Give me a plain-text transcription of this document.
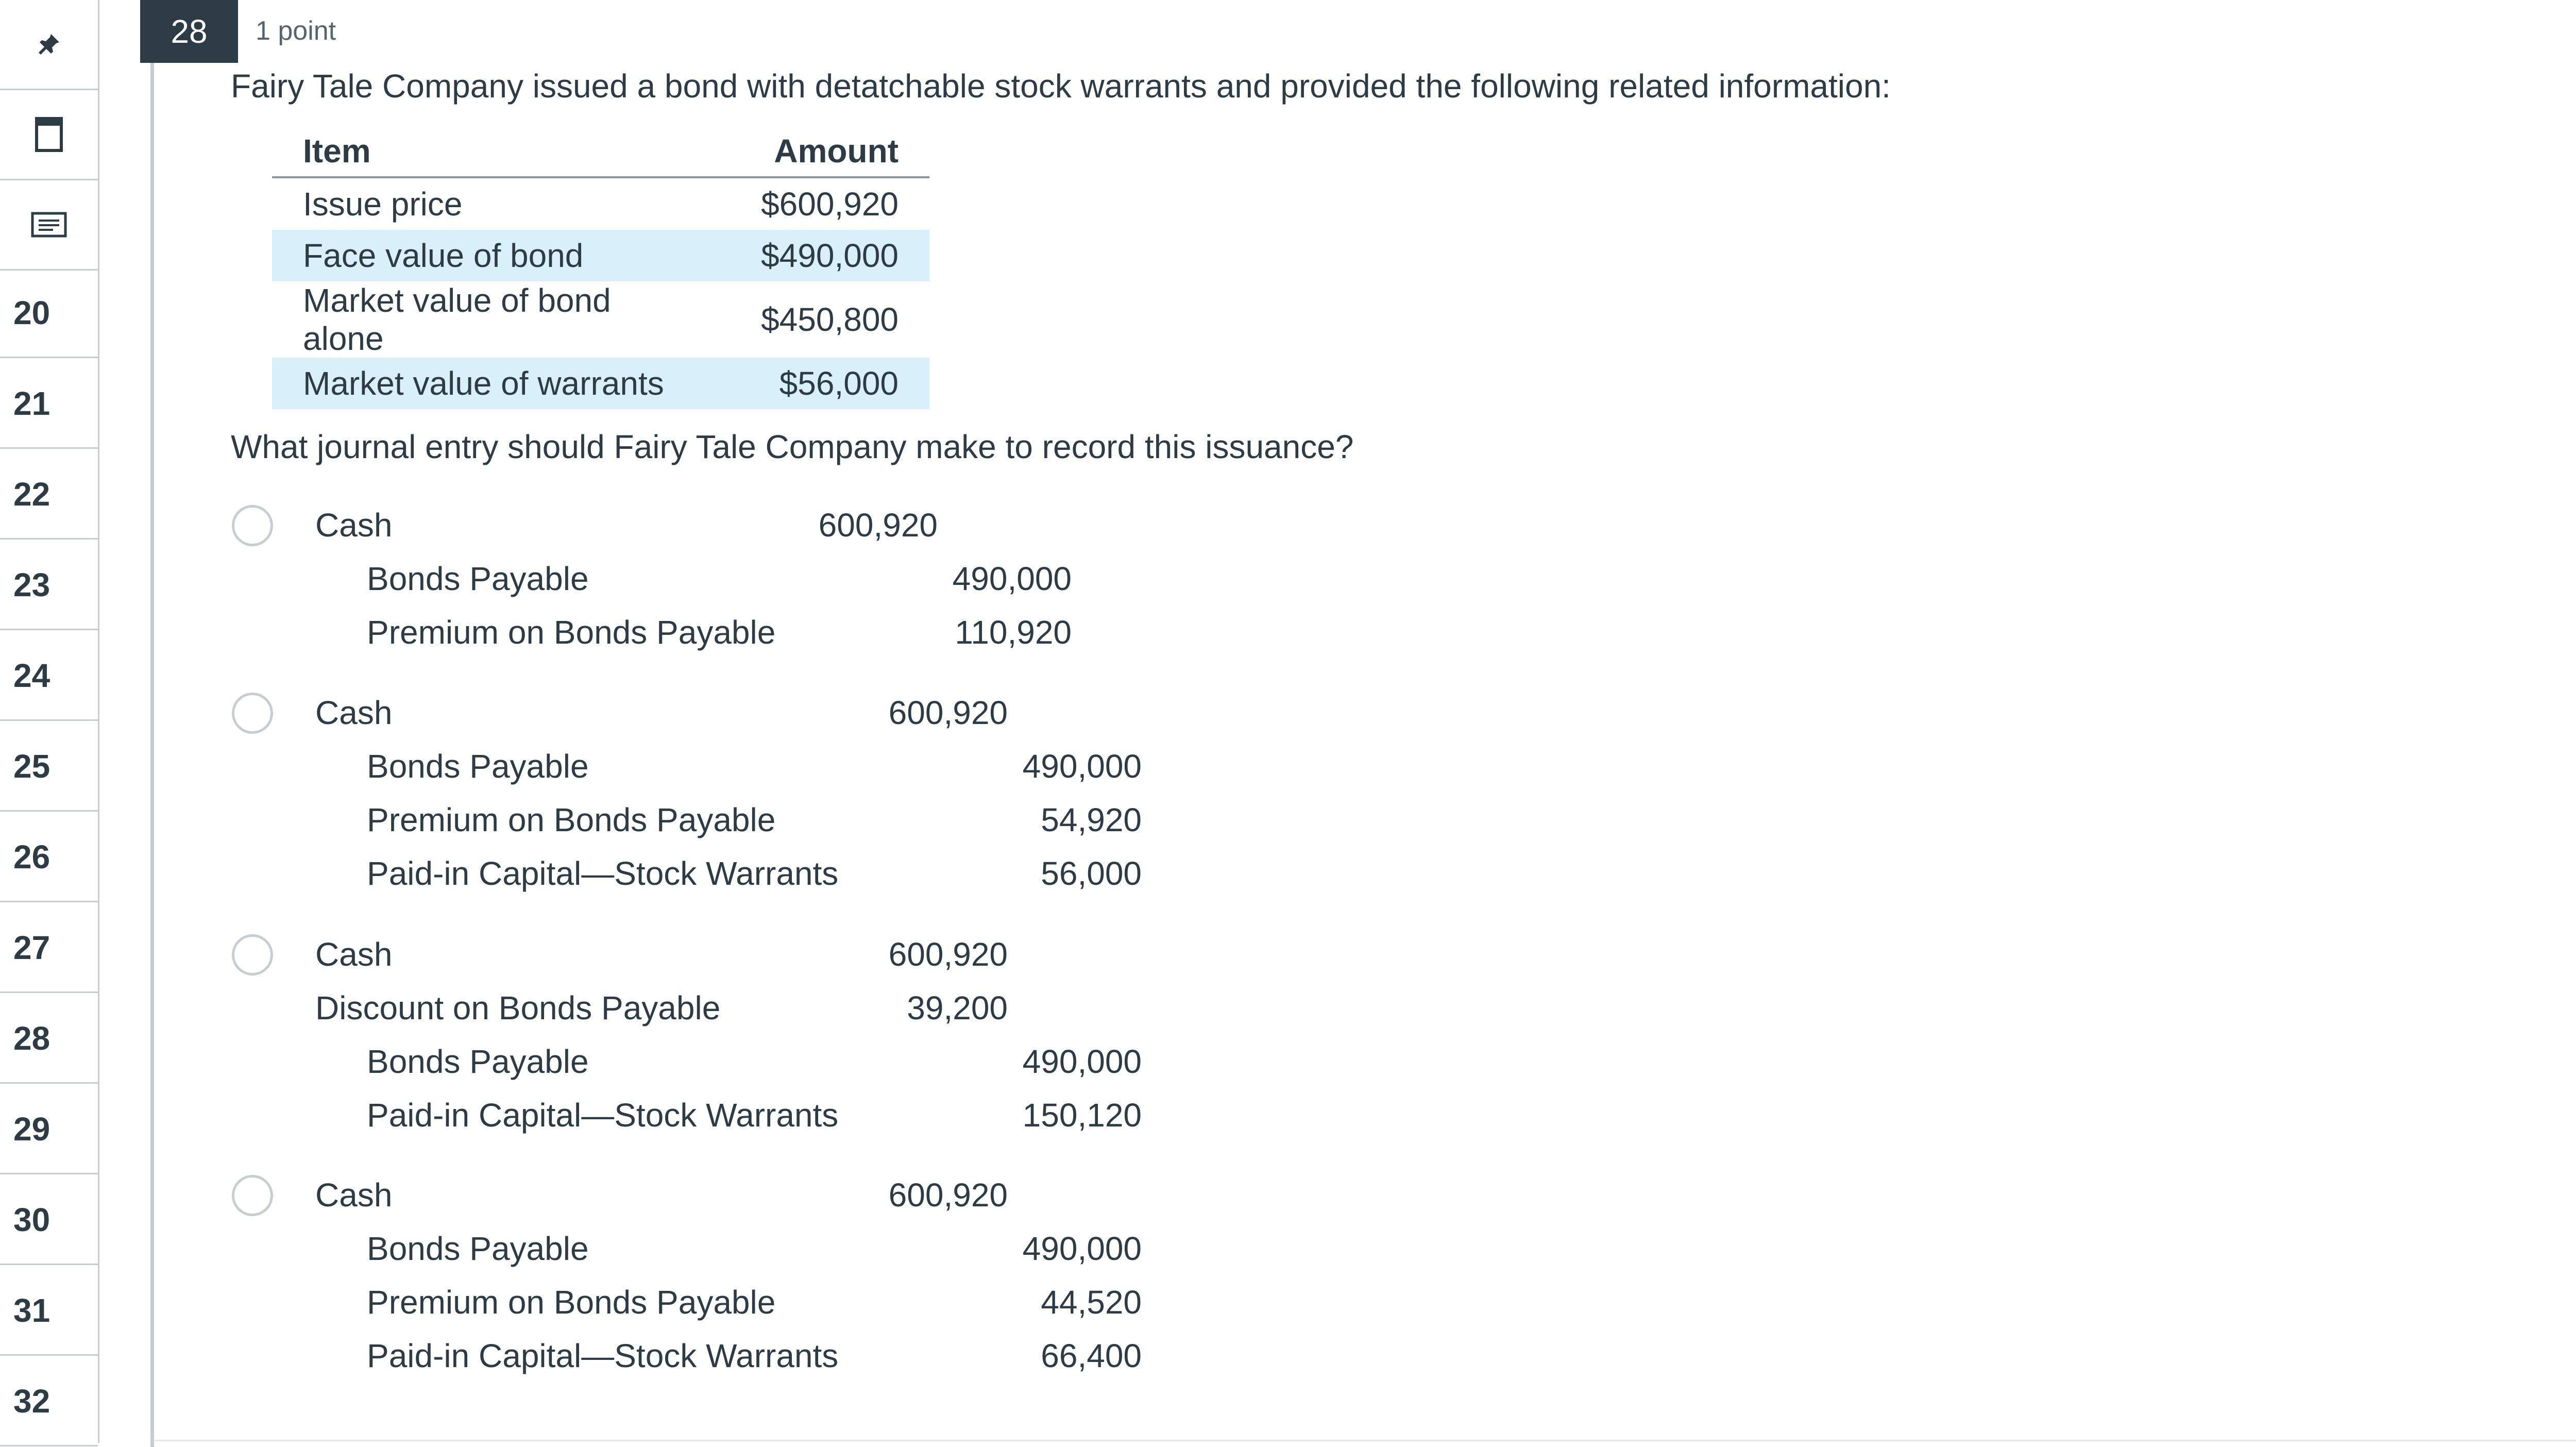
20
21
22
23
24
25
26
27
28
29
30
31
32
28	1 point
Fairy Tale Company issued a bond with detatchable stock warrants and provided the following related information:
Item	Amount
Issue price	$600,920
Face value of bond	$490,000
Market value of bond alone	$450,800
Market value of warrants	$56,000
What journal entry should Fairy Tale Company make to record this issuance?
Cash	600,920
Bonds Payable	490,000
Premium on Bonds Payable	110,920
Cash	600,920
Bonds Payable	490,000
Premium on Bonds Payable	54,920
Paid-in Capital—Stock Warrants	56,000
Cash	600,920
Discount on Bonds Payable	39,200
Bonds Payable	490,000
Paid-in Capital—Stock Warrants	150,120
Cash	600,920
Bonds Payable	490,000
Premium on Bonds Payable	44,520
Paid-in Capital—Stock Warrants	66,400
